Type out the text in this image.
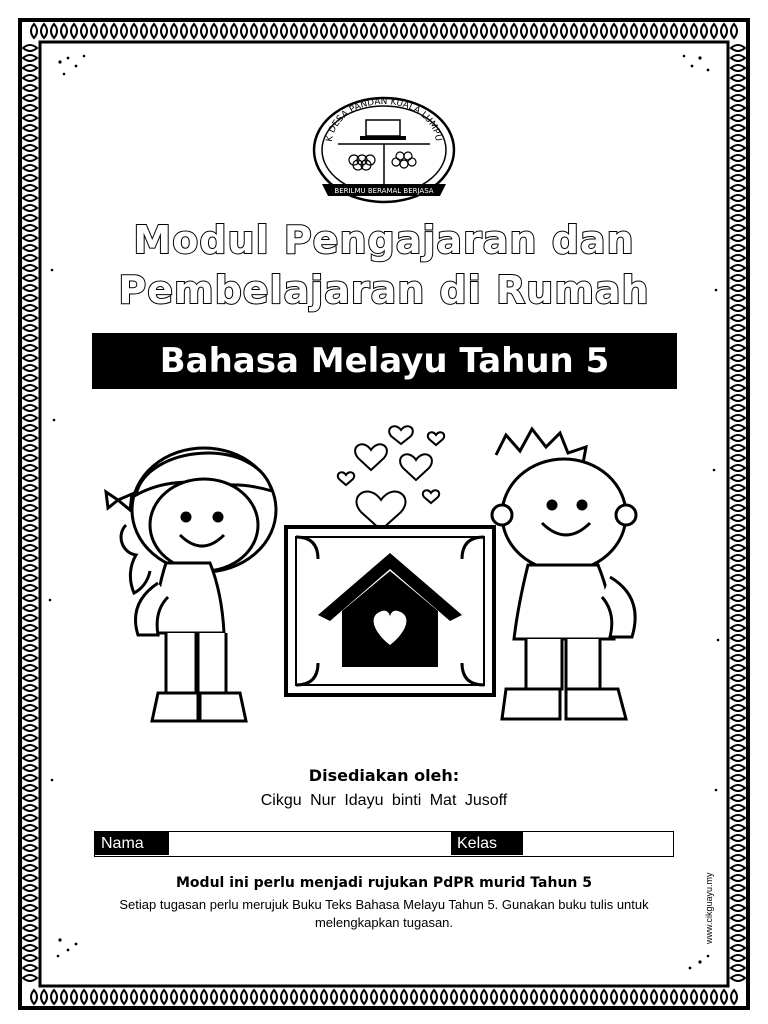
K DESA PANDAN KUALA LUMPU
BERILMU BERAMAL BERJASA
Modul Pengajaran dan
Pembelajaran di Rumah
Bahasa Melayu Tahun 5
Disediakan oleh:
Cikgu Nur Idayu binti Mat Jusoff
Nama	Kelas
Modul ini perlu menjadi rujukan PdPR murid Tahun 5
Setiap tugasan perlu merujuk Buku Teks Bahasa Melayu Tahun 5. Gunakan buku tulis untuk melengkapkan tugasan.	www.cikguayu.my
